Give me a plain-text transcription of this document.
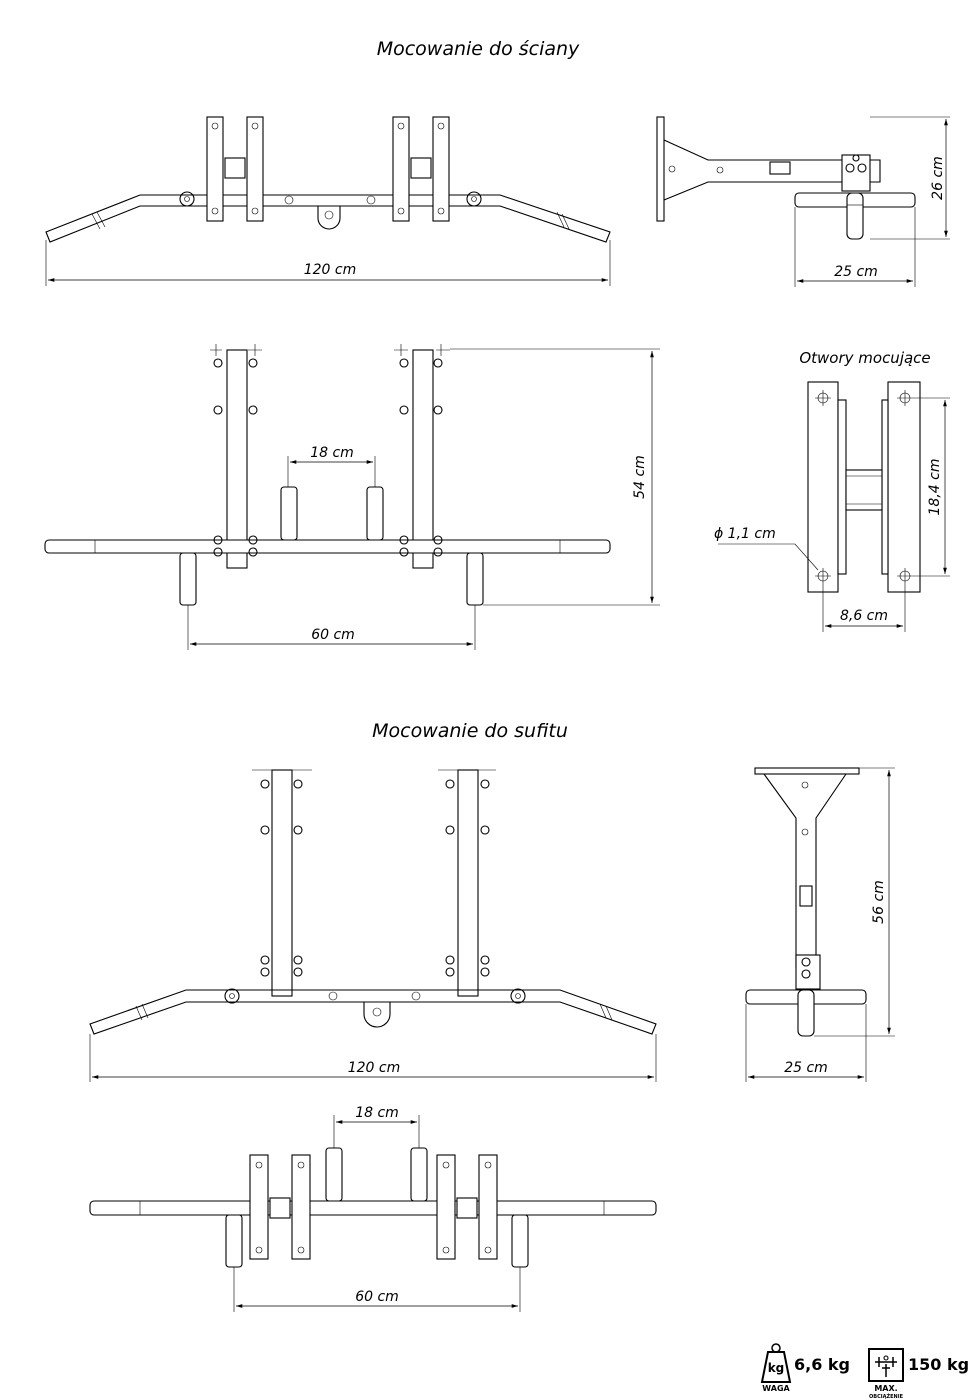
Mocowanie do ściany
Mocowanie do sufitu
120 cm
26 cm
25 cm
18 cm
54 cm
60 cm
Otwory mocujące
18,4 cm
8,6 cm
ϕ 1,1 cm
120 cm
56 cm
25 cm
18 cm
60 cm
kg 6,6 kg
WAGA
150 kg
MAX.
OBCIĄŻENIE
